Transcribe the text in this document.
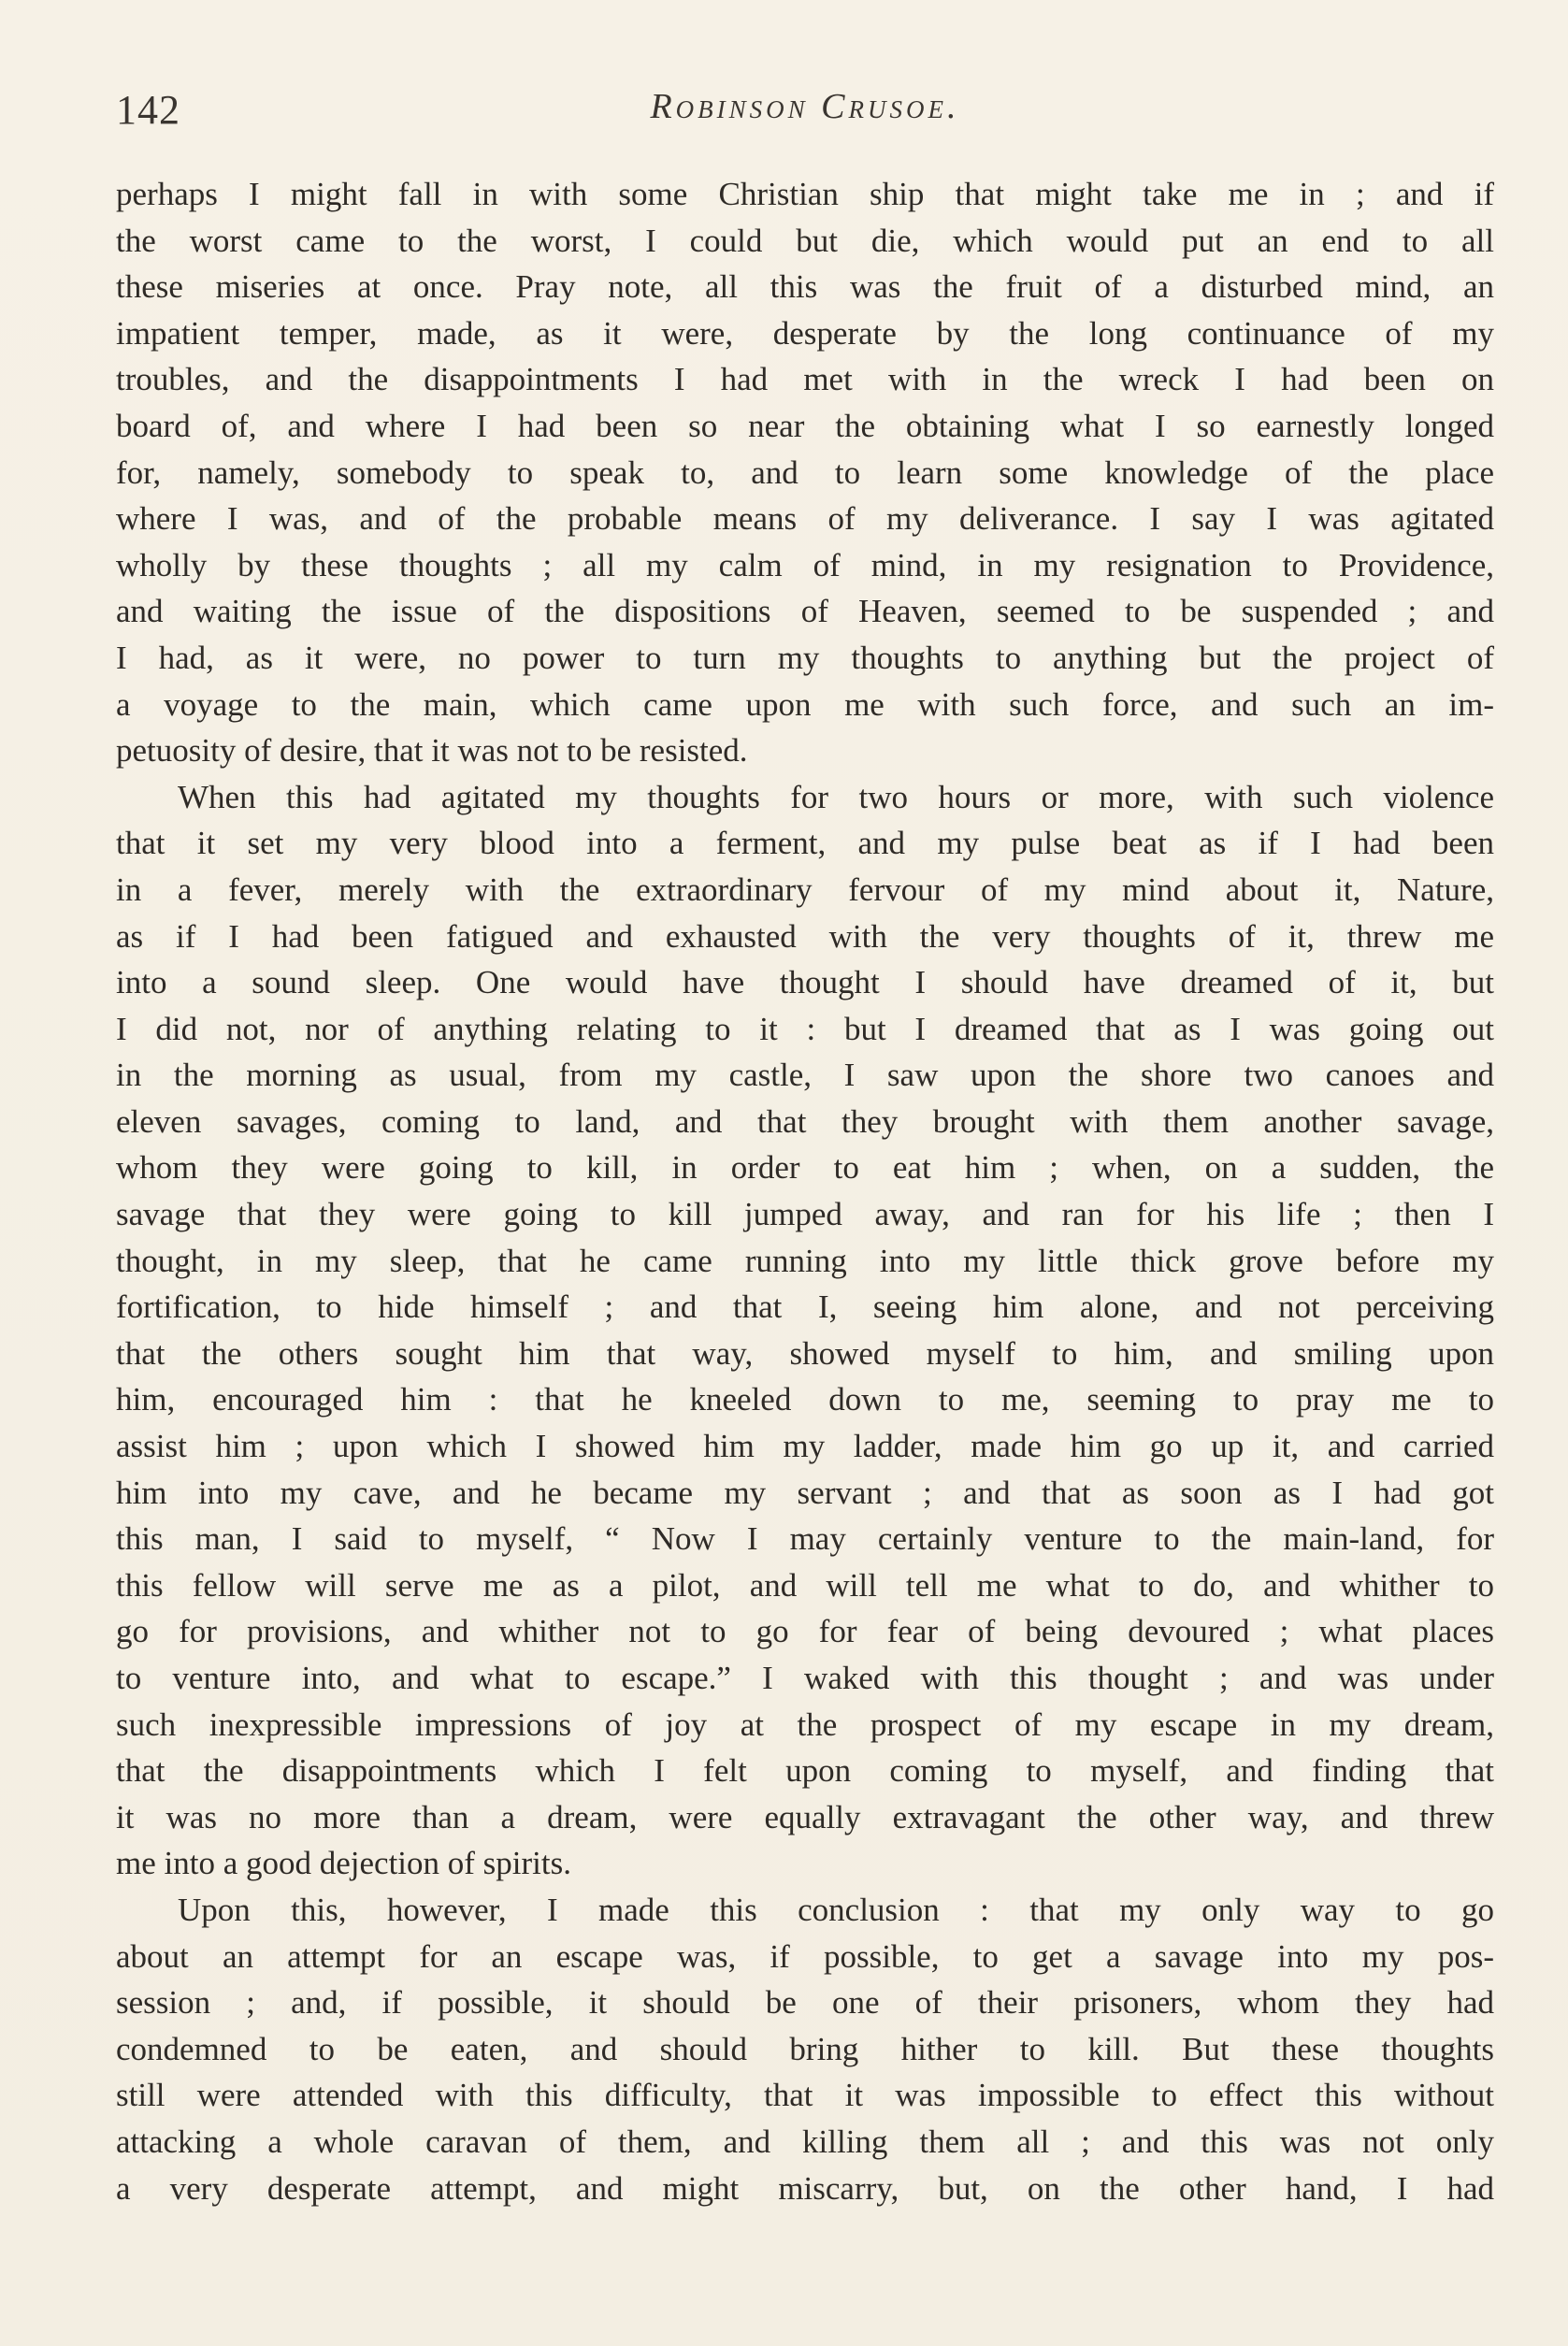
142	Robinson Crusoe.

perhaps I might fall in with some Christian ship that might take me in ; and if
the worst came to the worst, I could but die, which would put an end to all
these miseries at once. Pray note, all this was the fruit of a disturbed mind, an
impatient temper, made, as it were, desperate by the long continuance of my
troubles, and the disappointments I had met with in the wreck I had been on
board of, and where I had been so near the obtaining what I so earnestly longed
for, namely, somebody to speak to, and to learn some knowledge of the place
where I was, and of the probable means of my deliverance. I say I was agitated
wholly by these thoughts ; all my calm of mind, in my resignation to Providence,
and waiting the issue of the dispositions of Heaven, seemed to be suspended ; and
I had, as it were, no power to turn my thoughts to anything but the project of
a voyage to the main, which came upon me with such force, and such an im-
petuosity of desire, that it was not to be resisted.

When this had agitated my thoughts for two hours or more, with such violence
that it set my very blood into a ferment, and my pulse beat as if I had been
in a fever, merely with the extraordinary fervour of my mind about it, Nature,
as if I had been fatigued and exhausted with the very thoughts of it, threw me
into a sound sleep. One would have thought I should have dreamed of it, but
I did not, nor of anything relating to it : but I dreamed that as I was going out
in the morning as usual, from my castle, I saw upon the shore two canoes and
eleven savages, coming to land, and that they brought with them another savage,
whom they were going to kill, in order to eat him ; when, on a sudden, the
savage that they were going to kill jumped away, and ran for his life ; then I
thought, in my sleep, that he came running into my little thick grove before my
fortification, to hide himself ; and that I, seeing him alone, and not perceiving
that the others sought him that way, showed myself to him, and smiling upon
him, encouraged him : that he kneeled down to me, seeming to pray me to
assist him ; upon which I showed him my ladder, made him go up it, and carried
him into my cave, and he became my servant ; and that as soon as I had got
this man, I said to myself, “ Now I may certainly venture to the main-land, for
this fellow will serve me as a pilot, and will tell me what to do, and whither to
go for provisions, and whither not to go for fear of being devoured ; what places
to venture into, and what to escape.” I waked with this thought ; and was under
such inexpressible impressions of joy at the prospect of my escape in my dream,
that the disappointments which I felt upon coming to myself, and finding that
it was no more than a dream, were equally extravagant the other way, and threw
me into a good dejection of spirits.

Upon this, however, I made this conclusion : that my only way to go
about an attempt for an escape was, if possible, to get a savage into my pos-
session ; and, if possible, it should be one of their prisoners, whom they had
condemned to be eaten, and should bring hither to kill. But these thoughts
still were attended with this difficulty, that it was impossible to effect this without
attacking a whole caravan of them, and killing them all ; and this was not only
a very desperate attempt, and might miscarry, but, on the other hand, I had
